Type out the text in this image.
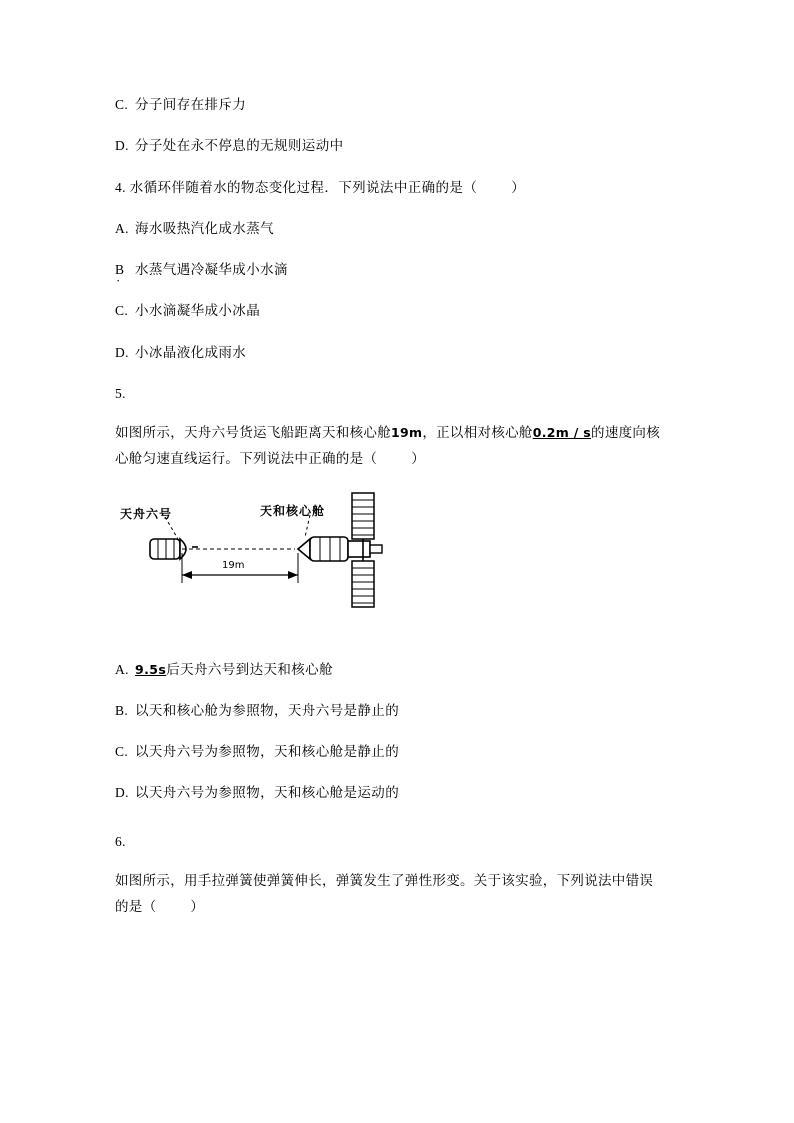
C. 分子间存在排斥力

D. 分子处在永不停息的无规则运动中

4. 水循环伴随着水的物态变化过程．下列说法中正确的是（	）

A. 海水吸热汽化成水蒸气

B · 水蒸气遇冷凝华成小水滴

C. 小水滴凝华成小冰晶

D. 小冰晶液化成雨水

5.

如图所示，天舟六号货运飞船距离天和核心舱19m，正以相对核心舱0.2m / s的速度向核
心舱匀速直线运行。下列说法中正确的是（	）

天舟六号	天和核心舱
19m

A. 9.5s后天舟六号到达天和核心舱

B. 以天和核心舱为参照物，天舟六号是静止的

C. 以天舟六号为参照物，天和核心舱是静止的

D. 以天舟六号为参照物，天和核心舱是运动的

6.

如图所示，用手拉弹簧使弹簧伸长，弹簧发生了弹性形变。关于该实验，下列说法中错误
的是（	）
